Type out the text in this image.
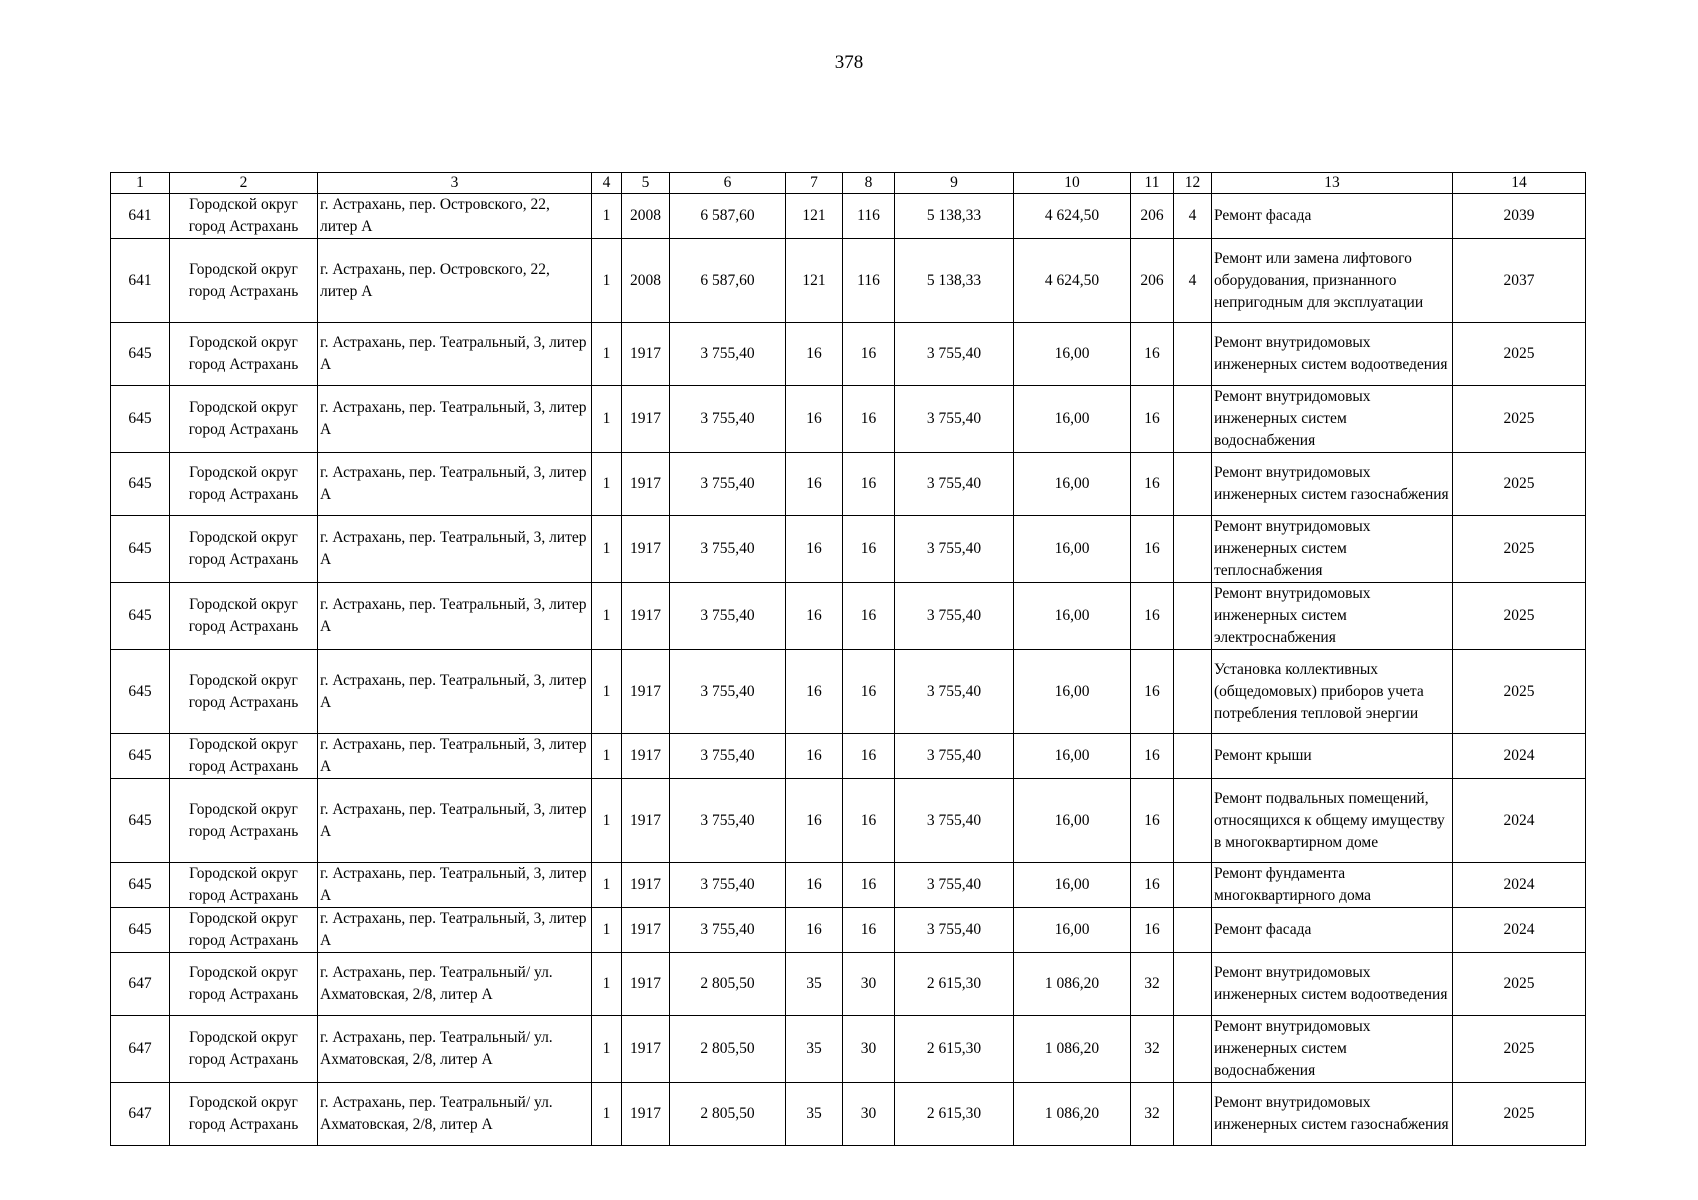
378
1	2	3	4	5	6	7	8	9	10	11	12	13	14
641	Городской округ город Астрахань	г. Астрахань, пер. Островского, 22, литер А	1	2008	6 587,60	121	116	5 138,33	4 624,50	206	4	Ремонт фасада	2039
641	Городской округ город Астрахань	г. Астрахань, пер. Островского, 22, литер А	1	2008	6 587,60	121	116	5 138,33	4 624,50	206	4	Ремонт или замена лифтового оборудования, признанного непригодным для эксплуатации	2037
645	Городской округ город Астрахань	г. Астрахань, пер. Театральный, 3, литер А	1	1917	3 755,40	16	16	3 755,40	16,00	16		Ремонт внутридомовых инженерных систем водоотведения	2025
645	Городской округ город Астрахань	г. Астрахань, пер. Театральный, 3, литер А	1	1917	3 755,40	16	16	3 755,40	16,00	16		Ремонт внутридомовых инженерных систем водоснабжения	2025
645	Городской округ город Астрахань	г. Астрахань, пер. Театральный, 3, литер А	1	1917	3 755,40	16	16	3 755,40	16,00	16		Ремонт внутридомовых инженерных систем газоснабжения	2025
645	Городской округ город Астрахань	г. Астрахань, пер. Театральный, 3, литер А	1	1917	3 755,40	16	16	3 755,40	16,00	16		Ремонт внутридомовых инженерных систем теплоснабжения	2025
645	Городской округ город Астрахань	г. Астрахань, пер. Театральный, 3, литер А	1	1917	3 755,40	16	16	3 755,40	16,00	16		Ремонт внутридомовых инженерных систем электроснабжения	2025
645	Городской округ город Астрахань	г. Астрахань, пер. Театральный, 3, литер А	1	1917	3 755,40	16	16	3 755,40	16,00	16		Установка коллективных (общедомовых) приборов учета потребления тепловой энергии	2025
645	Городской округ город Астрахань	г. Астрахань, пер. Театральный, 3, литер А	1	1917	3 755,40	16	16	3 755,40	16,00	16		Ремонт крыши	2024
645	Городской округ город Астрахань	г. Астрахань, пер. Театральный, 3, литер А	1	1917	3 755,40	16	16	3 755,40	16,00	16		Ремонт подвальных помещений, относящихся к общему имуществу в многоквартирном доме	2024
645	Городской округ город Астрахань	г. Астрахань, пер. Театральный, 3, литер А	1	1917	3 755,40	16	16	3 755,40	16,00	16		Ремонт фундамента многоквартирного дома	2024
645	Городской округ город Астрахань	г. Астрахань, пер. Театральный, 3, литер А	1	1917	3 755,40	16	16	3 755,40	16,00	16		Ремонт фасада	2024
647	Городской округ город Астрахань	г. Астрахань, пер. Театральный/ ул. Ахматовская, 2/8, литер А	1	1917	2 805,50	35	30	2 615,30	1 086,20	32		Ремонт внутридомовых инженерных систем водоотведения	2025
647	Городской округ город Астрахань	г. Астрахань, пер. Театральный/ ул. Ахматовская, 2/8, литер А	1	1917	2 805,50	35	30	2 615,30	1 086,20	32		Ремонт внутридомовых инженерных систем водоснабжения	2025
647	Городской округ город Астрахань	г. Астрахань, пер. Театральный/ ул. Ахматовская, 2/8, литер А	1	1917	2 805,50	35	30	2 615,30	1 086,20	32		Ремонт внутридомовых инженерных систем газоснабжения	2025
